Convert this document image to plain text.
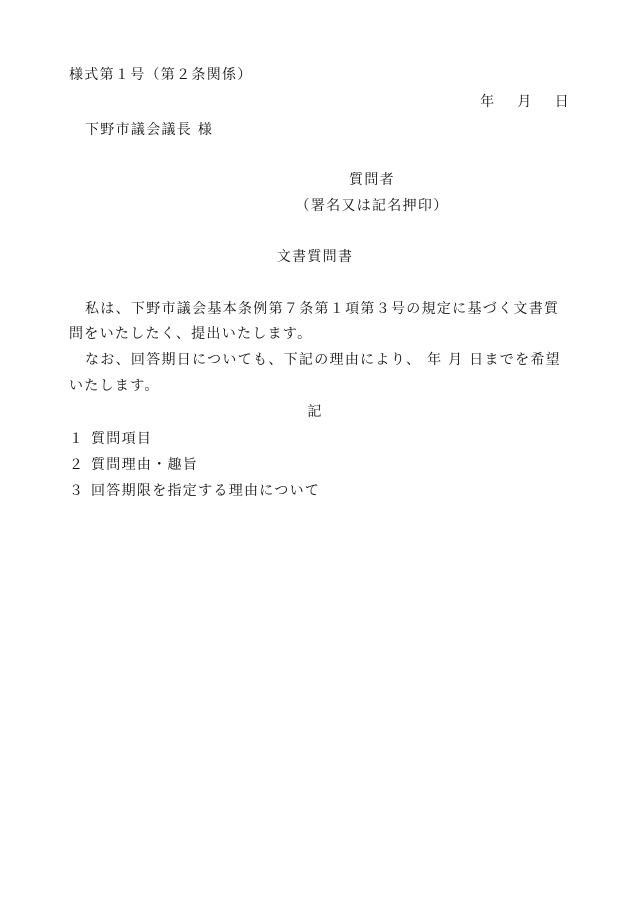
様式第１号（第２条関係）
年 月 日
下野市議会議長 様
質問者
（署名又は記名押印）
文書質問書
私は、下野市議会基本条例第７条第１項第３号の規定に基づく文書質
問をいたしたく、提出いたします。
なお、回答期日についても、下記の理由により、 年 月 日までを希望
いたします。
記
１ 質問項目
２ 質問理由・趣旨
３ 回答期限を指定する理由について
